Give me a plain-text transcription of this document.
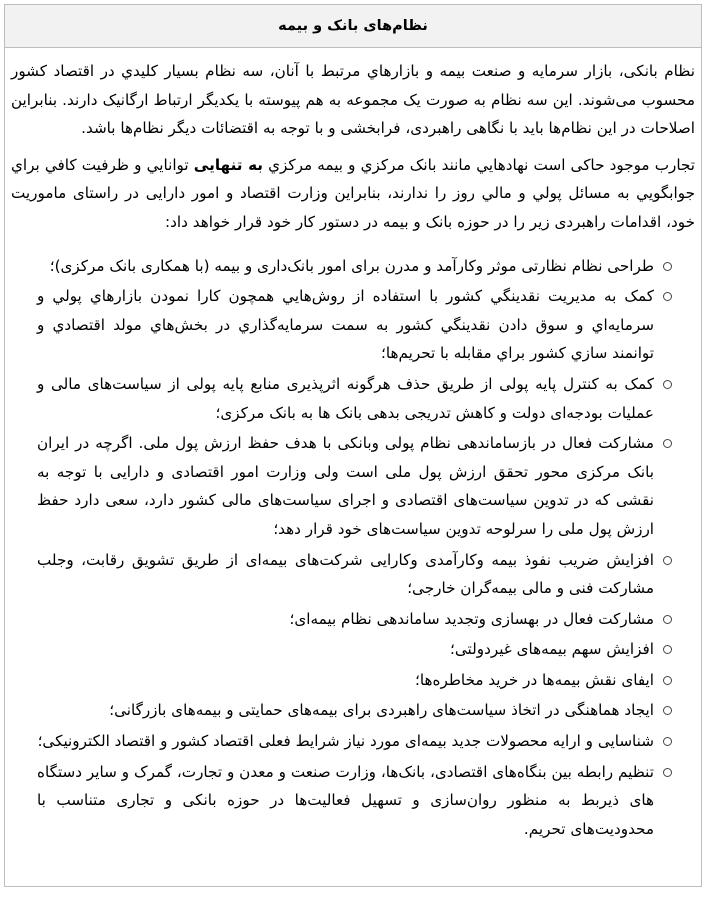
نظام‌های بانک و بیمه

نظام بانکی، بازار سرمايه و صنعت بيمه و بازارهاي مرتبط با آنان، سه نظام بسيار کليدي در اقتصاد کشور محسوب می‌شوند. این سه نظام به صورت یک مجموعه به هم پیوسته با یکدیگر ارتباط ارگانیک دارند. بنابراین اصلاحات در این نظام‌ها باید با نگاهی راهبردی، فرابخشی و با توجه به اقتضائات دیگر نظام‌ها باشد.

تجارب موجود حاکی است نهادهايي مانند بانک مرکزي و بيمه مرکزي به تنهایی توانايي و ظرفيت کافي براي جوابگويي به مسائل پولي و مالي روز را ندارند، بنابراین وزارت اقتصاد و امور دارایی در راستای ماموریت خود، اقدامات راهبردی زیر را در حوزه بانک و بیمه در دستور کار خود قرار خواهد داد:

طراحی نظام نظارتی موثر وکارآمد و مدرن برای امور بانک‌داری و بیمه (با همکاری بانک مرکزی)؛
کمک به مديريت نقدينگي کشور با استفاده از روش‌هايي همچون کارا نمودن بازارهاي پولي و سرمايه‌اي و سوق دادن نقدينگي کشور به سمت سرمايه‌گذاري در بخش‌هاي مولد اقتصادي و توانمند سازي کشور براي مقابله با تحريم‌ها؛
کمک به کنترل پایه پولی از طریق حذف هرگونه اثرپذیری منابع پایه پولی از سیاست‌های مالی و عملیات بودجه‌ای دولت و کاهش تدریجی بدهی بانک ها به بانک مرکزی؛
مشارکت فعال در بازساماندهی نظام پولی وبانکی با هدف حفظ ارزش پول ملی. اگرچه در ایران بانک مرکزی محور تحقق ارزش پول ملی است ولی وزارت امور اقتصادی و دارایی با توجه به نقشی که در تدوین سیاست‌های اقتصادی و اجرای سیاست‌های مالی کشور دارد، سعی دارد حفظ ارزش پول ملی را سرلوحه تدوین سیاست‌های خود قرار دهد؛
افزایش ضریب نفوذ بیمه وکارآمدی وکارایی شرکت‌های بیمه‌ای از طریق تشویق رقابت، وجلب مشارکت فنی و مالی بیمه‌گران خارجی؛
مشارکت فعال در بهسازی وتجدید ساماندهی نظام بیمه‌ای؛
افزایش سهم بیمه‌های غیردولتی؛
ایفای نقش بیمه‌ها در خرید مخاطره‌ها؛
ایجاد هماهنگی در اتخاذ سیاست‌های راهبردی برای بیمه‌های حمایتی و بیمه‌های بازرگانی؛
شناسایی و ارایه محصولات جدید بیمه‌ای مورد نیاز شرایط فعلی اقتصاد کشور و اقتصاد الکترونیکی؛
تنظیم رابطه بین بنگاه‌های اقتصادی، بانک‌ها، وزارت صنعت و معدن و تجارت، گمرک و سایر دستگاه های ذیربط به منظور روان‌سازی و تسهیل فعالیت‌ها در حوزه بانکی و تجاری متناسب با محدودیت‌های تحریم.
